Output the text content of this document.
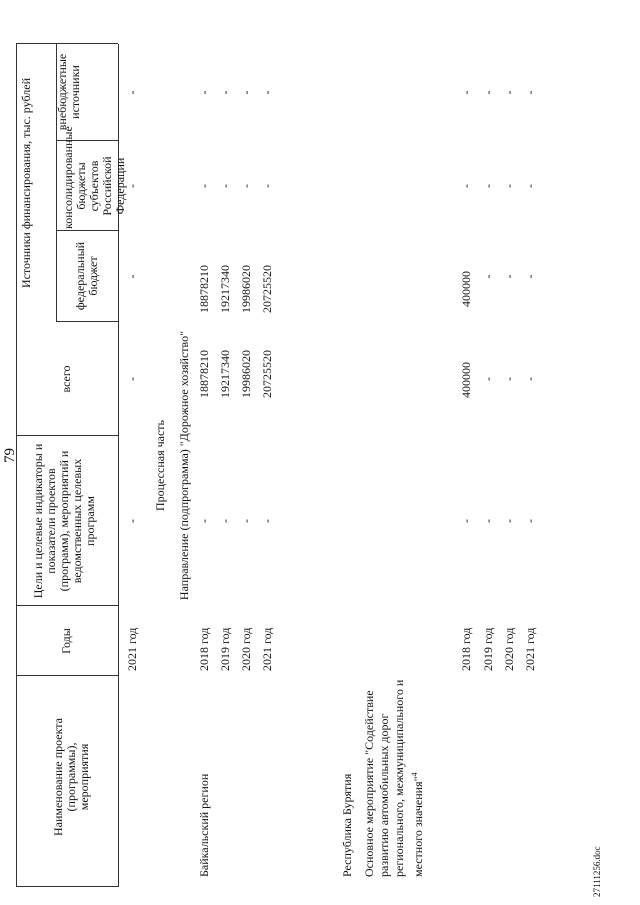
79
Наименование проекта (программы), мероприятия
Годы
Цели и целевые индикаторы и показатели проектов (программ), мероприятий и ведомственных целевых программ
Источники финансирования, тыс. рублей
всего
федеральный бюджет
консолидированные бюджеты субъектов Российской Федерации
внебюджетные источники
2021 год
-
-
-
-
-
Процессная часть Направление (подпрограмма) "Дорожное хозяйство"
Байкальский регион
2018 год
-
18878210
18878210
-
-
2019 год
-
19217340
19217340
-
-
2020 год
-
19986020
19986020
-
-
2021 год
-
20725520
20725520
-
-
Республика Бурятия Основное мероприятие "Содействие развитию автомобильных дорог регионального, межмуниципального и местного значения"$^4$
2018 год
-
400000
400000
-
-
2019 год
-
-
-
-
-
2020 год
-
-
-
-
-
2021 год
-
-
-
-
-
27111256.doc
